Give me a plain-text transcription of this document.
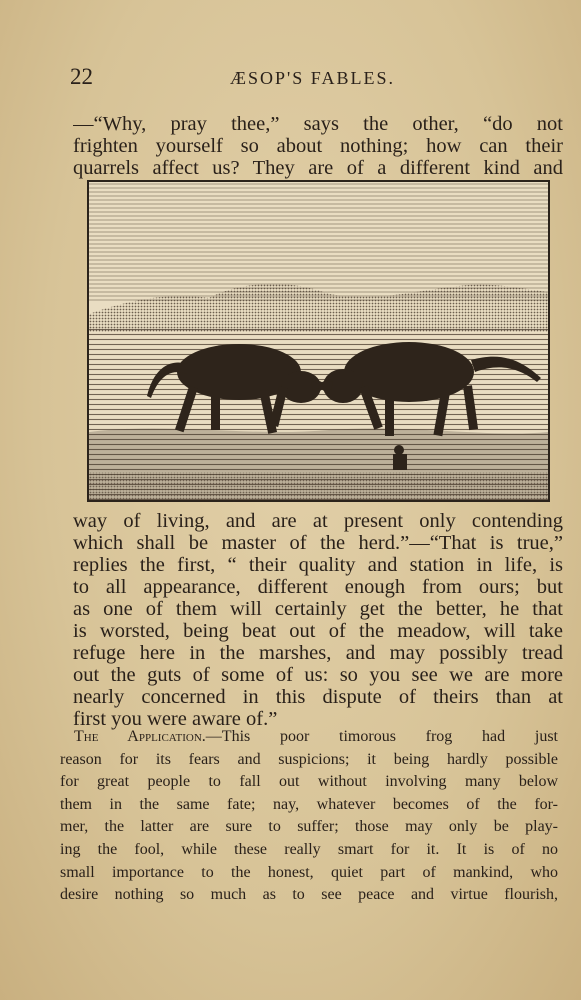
22	ÆSOP'S FABLES.
—“Why, pray thee,” says the other, “do not
frighten yourself so about nothing; how can their
quarrels affect us? They are of a different kind and
way of living, and are at present only contending
which shall be master of the herd.”—“That is true,”
replies the first, “ their quality and station in life, is
to all appearance, different enough from ours; but
as one of them will certainly get the better, he that
is worsted, being beat out of the meadow, will take
refuge here in the marshes, and may possibly tread
out the guts of some of us: so you see we are more
nearly concerned in this dispute of theirs than at
first you were aware of.”
The Application.—This poor timorous frog had just
reason for its fears and suspicions; it being hardly possible
for great people to fall out without involving many below
them in the same fate; nay, whatever becomes of the for-
mer, the latter are sure to suffer; those may only be play-
ing the fool, while these really smart for it. It is of no
small importance to the honest, quiet part of mankind, who
desire nothing so much as to see peace and virtue flourish,
